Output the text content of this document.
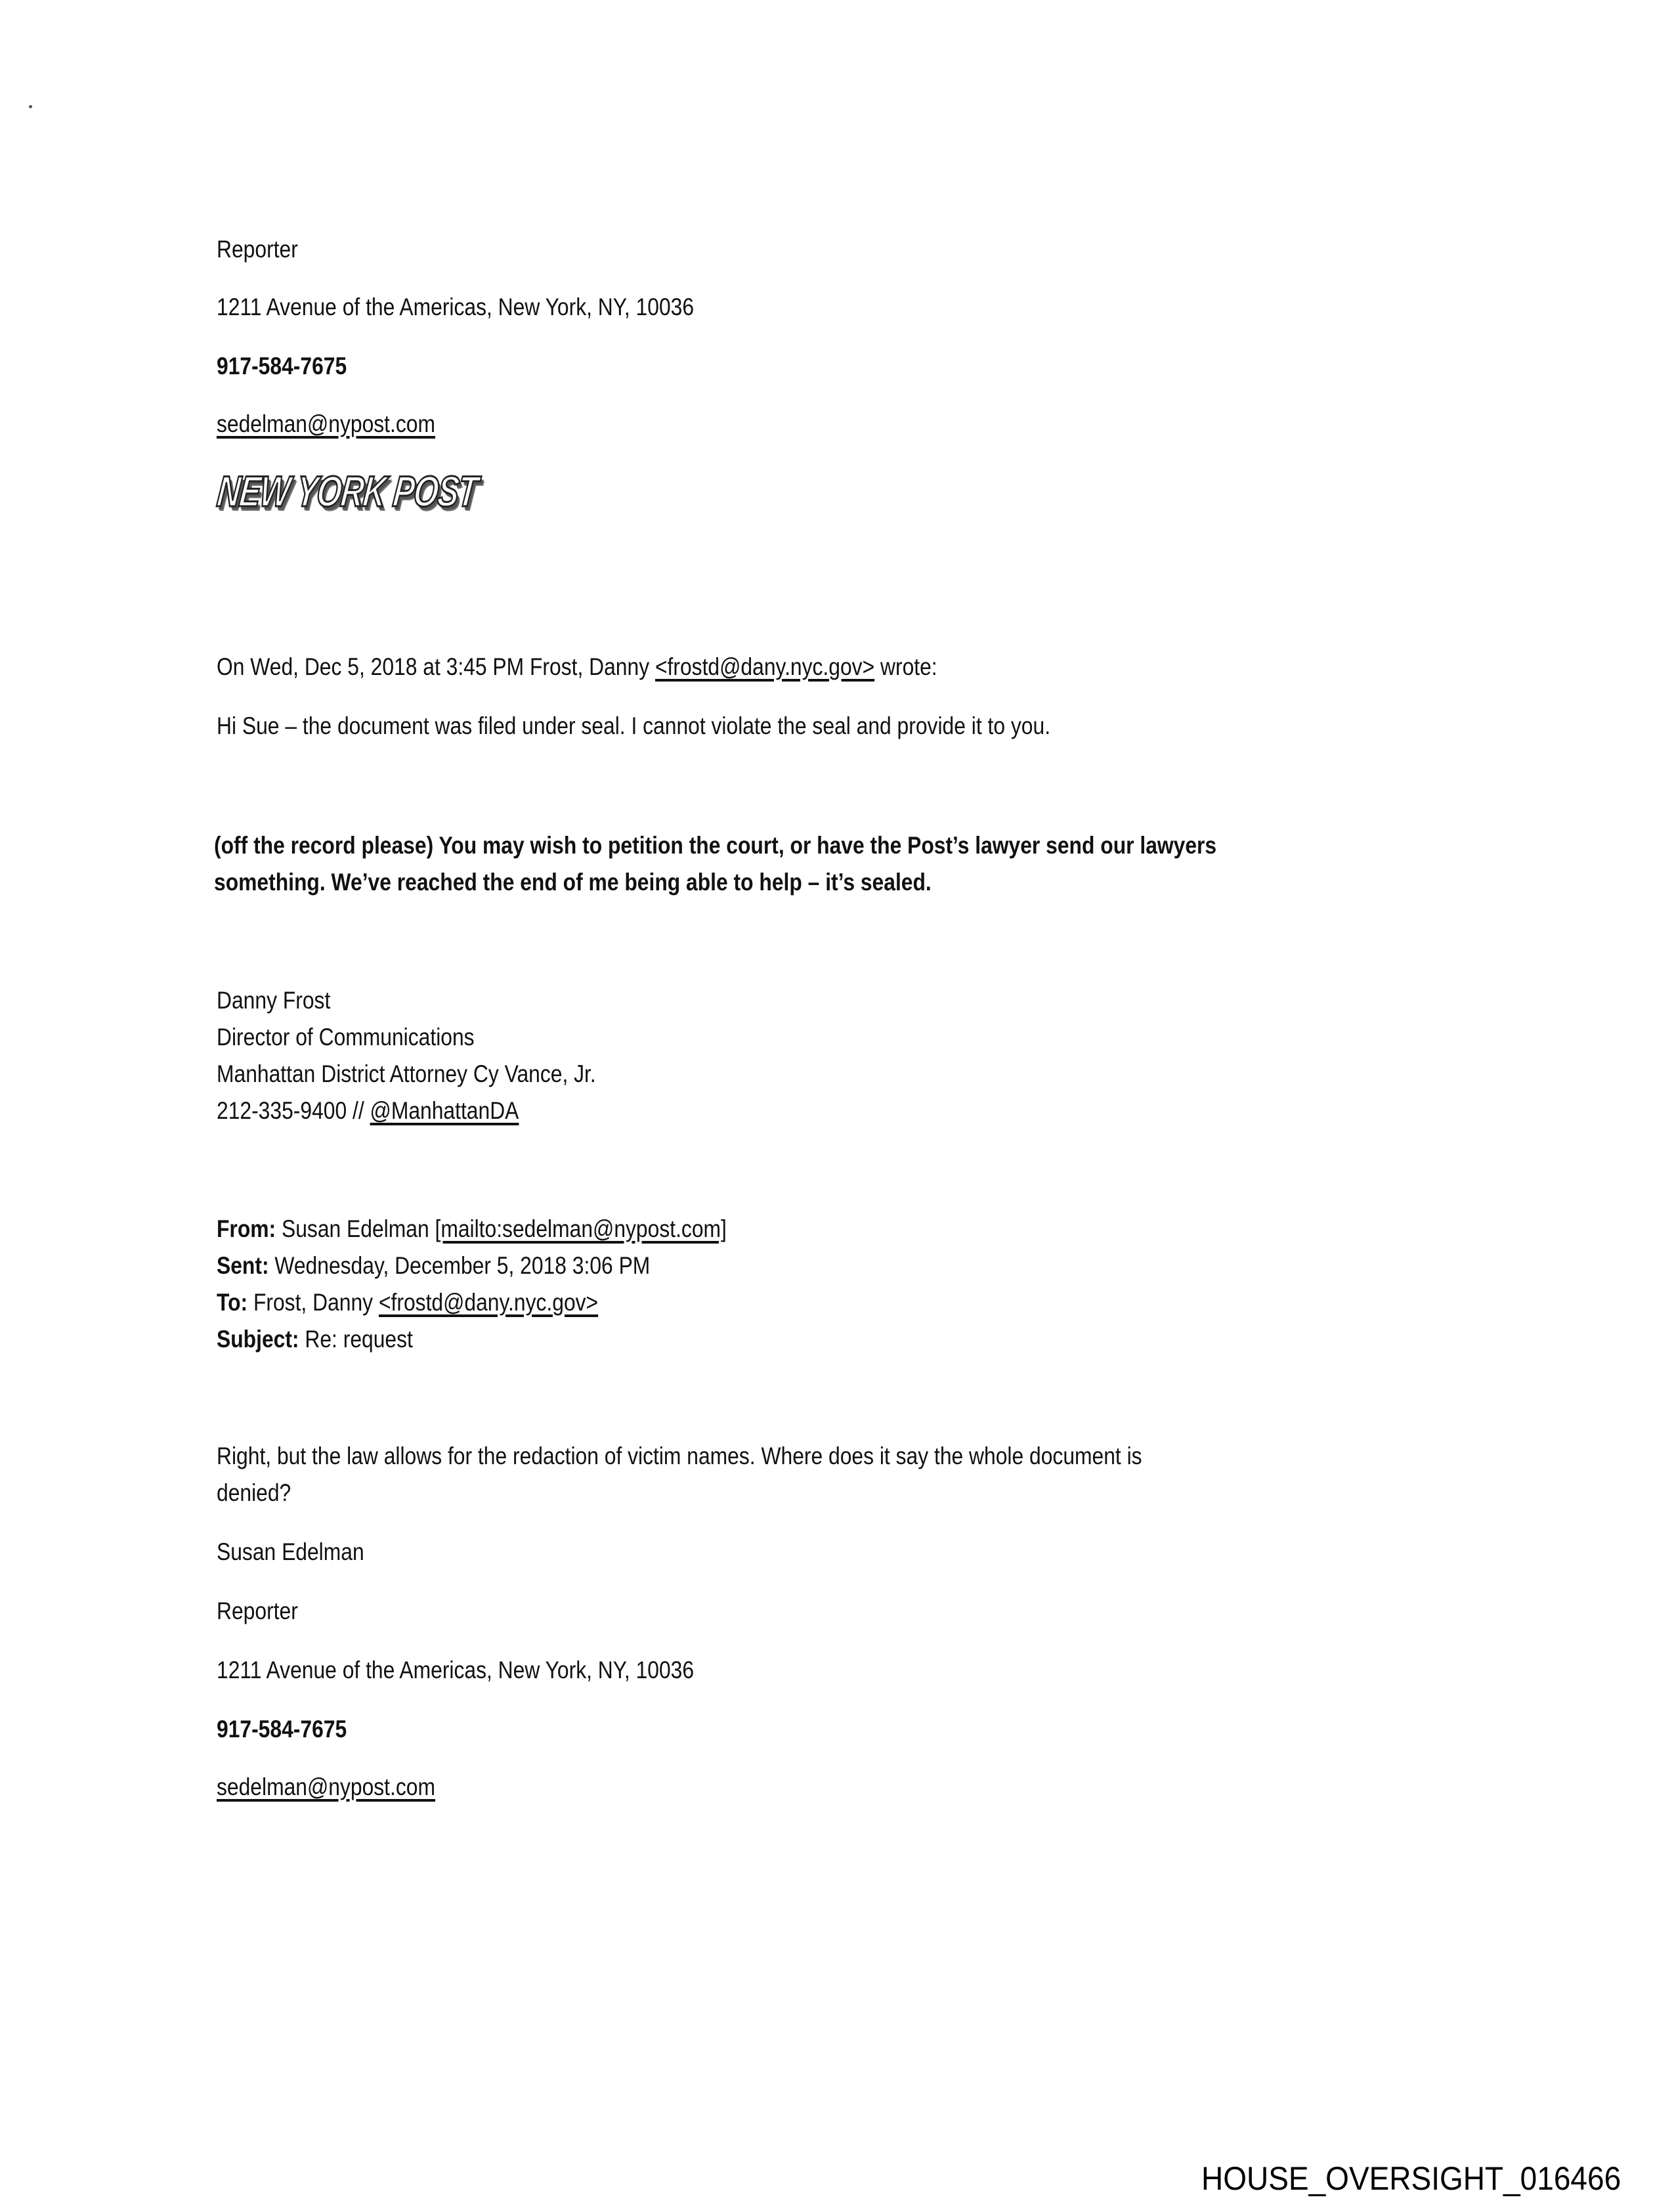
Reporter
1211 Avenue of the Americas, New York, NY, 10036
917-584-7675
sedelman@nypost.com
NEW YORK POST
On Wed, Dec 5, 2018 at 3:45 PM Frost, Danny <frostd@dany.nyc.gov> wrote:
Hi Sue – the document was filed under seal. I cannot violate the seal and provide it to you.
(off the record please) You may wish to petition the court, or have the Post’s lawyer send our lawyers
something. We’ve reached the end of me being able to help – it’s sealed.
Danny Frost
Director of Communications
Manhattan District Attorney Cy Vance, Jr.
212-335-9400 // @ManhattanDA
From: Susan Edelman [mailto:sedelman@nypost.com]
Sent: Wednesday, December 5, 2018 3:06 PM
To: Frost, Danny <frostd@dany.nyc.gov>
Subject: Re: request
Right, but the law allows for the redaction of victim names. Where does it say the whole document is
denied?
Susan Edelman
Reporter
1211 Avenue of the Americas, New York, NY, 10036
917-584-7675
sedelman@nypost.com
HOUSE_OVERSIGHT_016466
